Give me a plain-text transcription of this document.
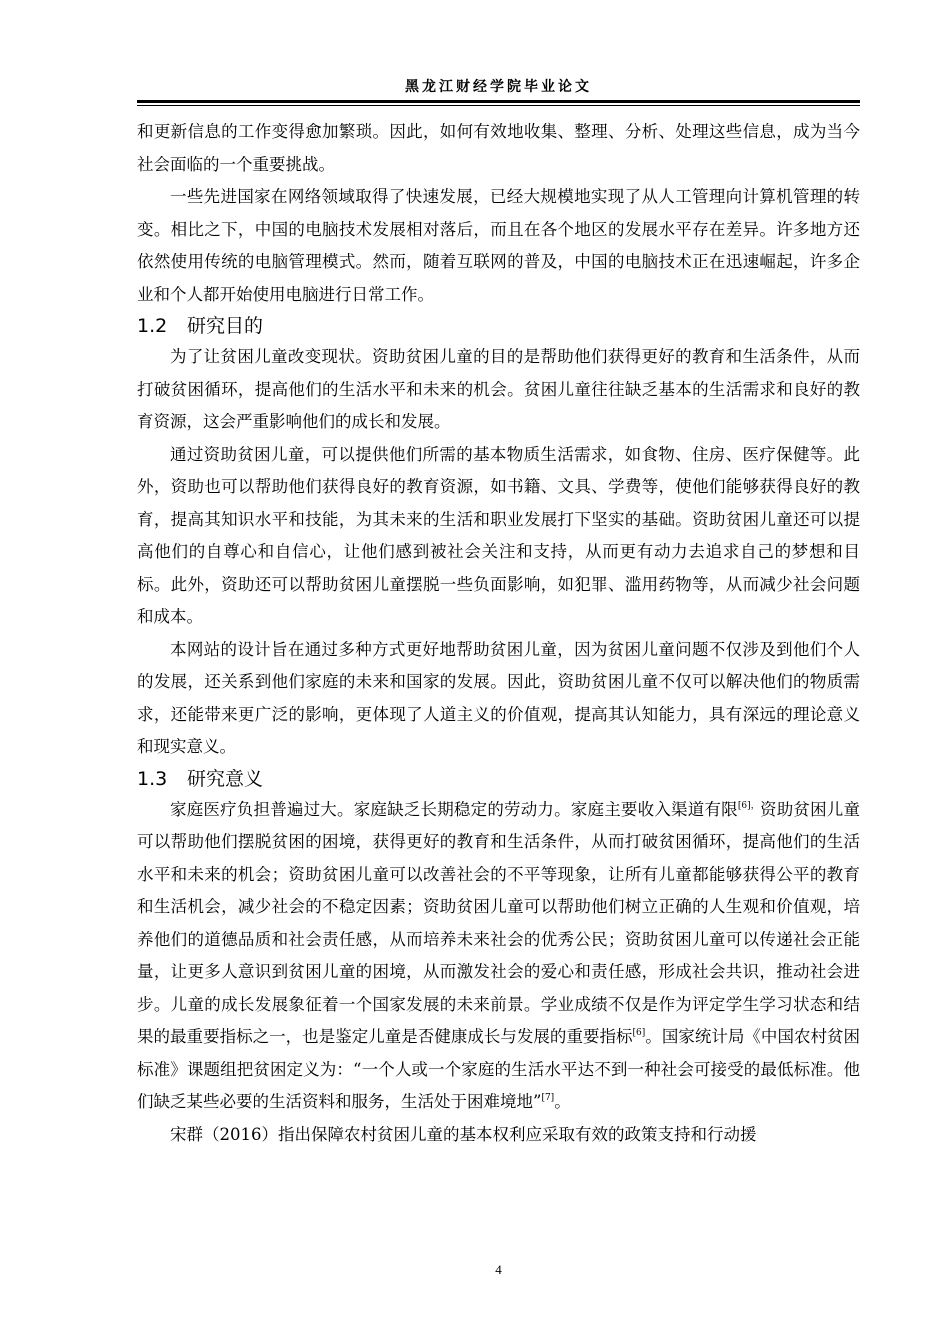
黑龙江财经学院毕业论文

和更新信息的工作变得愈加繁琐。因此，如何有效地收集、整理、分析、处理这些信息，成为当今社会面临的一个重要挑战。

一些先进国家在网络领域取得了快速发展，已经大规模地实现了从人工管理向计算机管理的转变。相比之下，中国的电脑技术发展相对落后，而且在各个地区的发展水平存在差异。许多地方还依然使用传统的电脑管理模式。然而，随着互联网的普及，中国的电脑技术正在迅速崛起，许多企业和个人都开始使用电脑进行日常工作。

1.2 研究目的

为了让贫困儿童改变现状。资助贫困儿童的目的是帮助他们获得更好的教育和生活条件，从而打破贫困循环，提高他们的生活水平和未来的机会。贫困儿童往往缺乏基本的生活需求和良好的教育资源，这会严重影响他们的成长和发展。

通过资助贫困儿童，可以提供他们所需的基本物质生活需求，如食物、住房、医疗保健等。此外，资助也可以帮助他们获得良好的教育资源，如书籍、文具、学费等，使他们能够获得良好的教育，提高其知识水平和技能，为其未来的生活和职业发展打下坚实的基础。资助贫困儿童还可以提高他们的自尊心和自信心，让他们感到被社会关注和支持，从而更有动力去追求自己的梦想和目标。此外，资助还可以帮助贫困儿童摆脱一些负面影响，如犯罪、滥用药物等，从而减少社会问题和成本。

本网站的设计旨在通过多种方式更好地帮助贫困儿童，因为贫困儿童问题不仅涉及到他们个人的发展，还关系到他们家庭的未来和国家的发展。因此，资助贫困儿童不仅可以解决他们的物质需求，还能带来更广泛的影响，更体现了人道主义的价值观，提高其认知能力，具有深远的理论意义和现实意义。

1.3 研究意义

家庭医疗负担普遍过大。家庭缺乏长期稳定的劳动力。家庭主要收入渠道有限$^{[6],}$资助贫困儿童可以帮助他们摆脱贫困的困境，获得更好的教育和生活条件，从而打破贫困循环，提高他们的生活水平和未来的机会；资助贫困儿童可以改善社会的不平等现象，让所有儿童都能够获得公平的教育和生活机会，减少社会的不稳定因素；资助贫困儿童可以帮助他们树立正确的人生观和价值观，培养他们的道德品质和社会责任感，从而培养未来社会的优秀公民；资助贫困儿童可以传递社会正能量，让更多人意识到贫困儿童的困境，从而激发社会的爱心和责任感，形成社会共识，推动社会进步。儿童的成长发展象征着一个国家发展的未来前景。学业成绩不仅是作为评定学生学习状态和结果的最重要指标之一，也是鉴定儿童是否健康成长与发展的重要指标[6]。国家统计局《中国农村贫困标准》课题组把贫困定义为：“一个人或一个家庭的生活水平达不到一种社会可接受的最低标准。他们缺乏某些必要的生活资料和服务，生活处于困难境地”[7]。

宋群（2016）指出保障农村贫困儿童的基本权利应采取有效的政策支持和行动援

4
